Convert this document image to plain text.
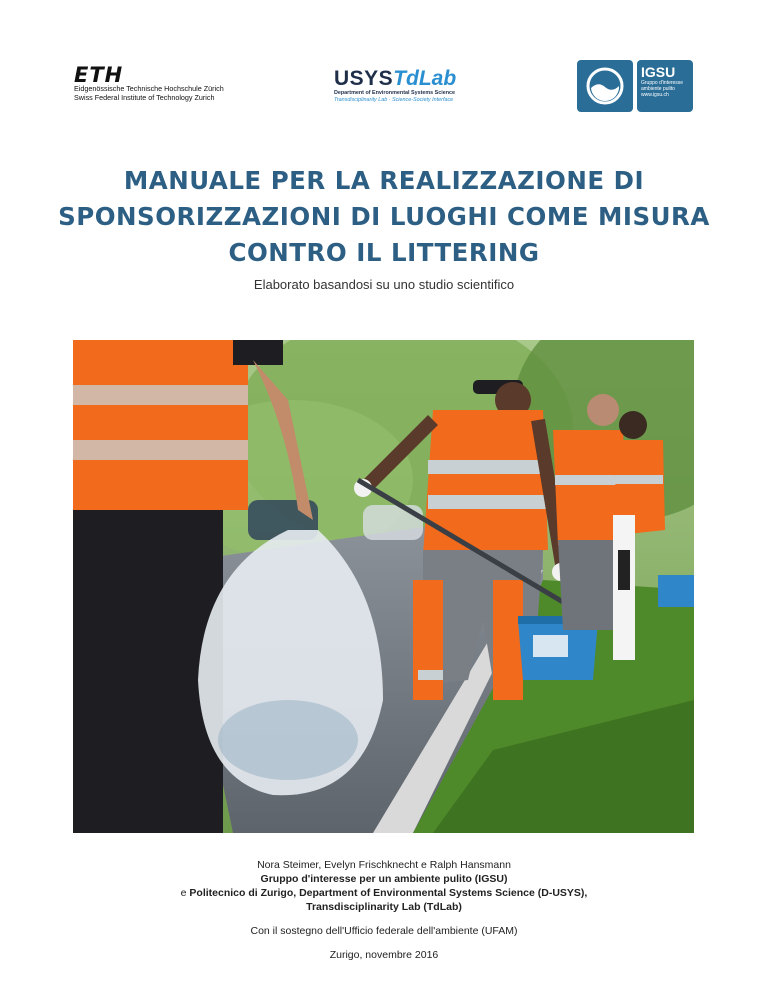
ETH
Eidgenössische Technische Hochschule Zürich
Swiss Federal Institute of Technology Zurich
USYSTdLab
Department of Environmental Systems Science
Transdisciplinarity Lab · Science-Society Interface
IGSU
Gruppo d'interesse
ambiente pulito
www.igsu.ch
MANUALE PER LA REALIZZAZIONE DI
SPONSORIZZAZIONI DI LUOGHI COME MISURA
CONTRO IL LITTERING

Elaborato basandosi su uno studio scientifico

Nora Steimer, Evelyn Frischknecht e Ralph Hansmann
Gruppo d'interesse per un ambiente pulito (IGSU)
e Politecnico di Zurigo, Department of Environmental Systems Science (D-USYS),
Transdisciplinarity Lab (TdLab)
Con il sostegno dell'Ufficio federale dell'ambiente (UFAM)
Zurigo, novembre 2016
